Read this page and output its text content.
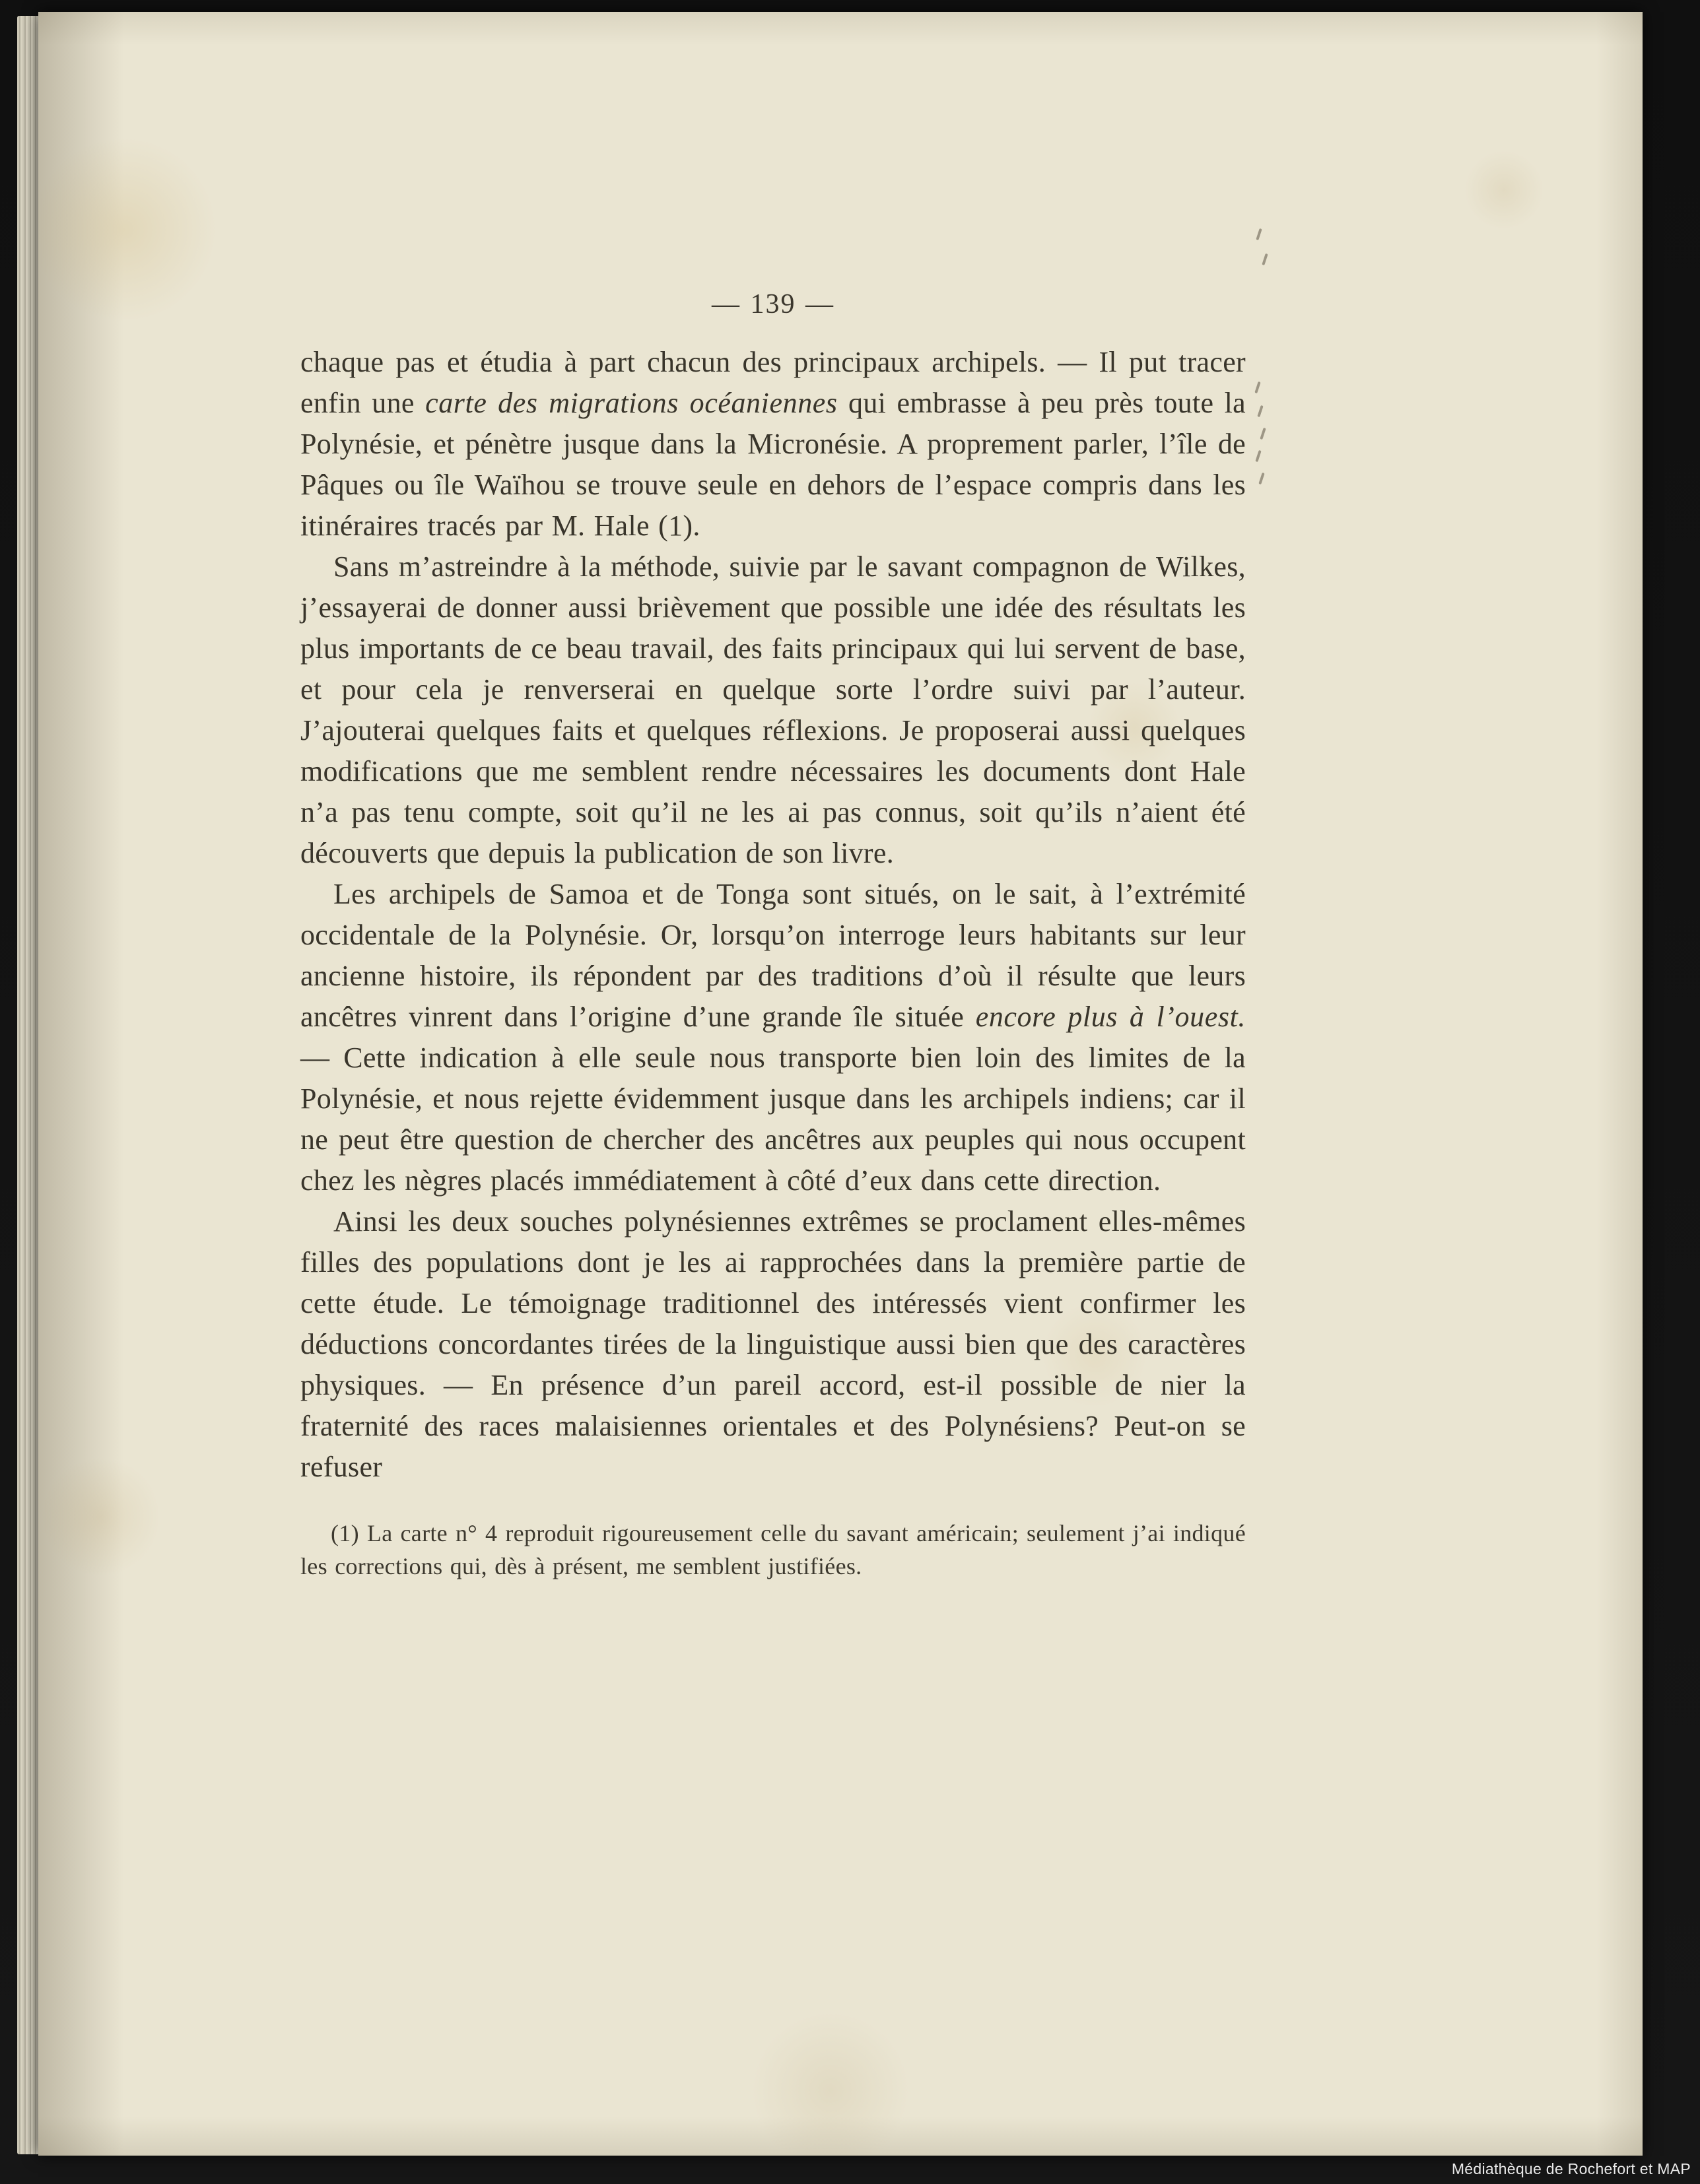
— 139 —

chaque pas et étudia à part chacun des principaux archipels. — Il put tracer enfin une carte des migrations océaniennes qui embrasse à peu près toute la Polynésie, et pénètre jusque dans la Micronésie. A proprement parler, l’île de Pâques ou île Waïhou se trouve seule en dehors de l’espace compris dans les itinéraires tracés par M. Hale (1).

Sans m’astreindre à la méthode, suivie par le savant compagnon de Wilkes, j’essayerai de donner aussi brièvement que possible une idée des résultats les plus importants de ce beau travail, des faits principaux qui lui servent de base, et pour cela je renverserai en quelque sorte l’ordre suivi par l’auteur. J’ajouterai quelques faits et quelques réflexions. Je proposerai aussi quelques modifications que me semblent rendre nécessaires les documents dont Hale n’a pas tenu compte, soit qu’il ne les ai pas connus, soit qu’ils n’aient été découverts que depuis la publication de son livre.

Les archipels de Samoa et de Tonga sont situés, on le sait, à l’extrémité occidentale de la Polynésie. Or, lorsqu’on interroge leurs habitants sur leur ancienne histoire, ils répondent par des traditions d’où il résulte que leurs ancêtres vinrent dans l’origine d’une grande île située encore plus à l’ouest. — Cette indication à elle seule nous transporte bien loin des limites de la Polynésie, et nous rejette évidemment jusque dans les archipels indiens; car il ne peut être question de chercher des ancêtres aux peuples qui nous occupent chez les nègres placés immédiatement à côté d’eux dans cette direction.

Ainsi les deux souches polynésiennes extrêmes se proclament elles-mêmes filles des populations dont je les ai rapprochées dans la première partie de cette étude. Le témoignage traditionnel des intéressés vient confirmer les déductions concordantes tirées de la linguistique aussi bien que des caractères physiques. — En présence d’un pareil accord, est-il possible de nier la fraternité des races malaisiennes orientales et des Polynésiens? Peut-on se refuser

(1) La carte n° 4 reproduit rigoureusement celle du savant américain; seulement j’ai indiqué les corrections qui, dès à présent, me semblent justifiées.

Médiathèque de Rochefort et MAP
